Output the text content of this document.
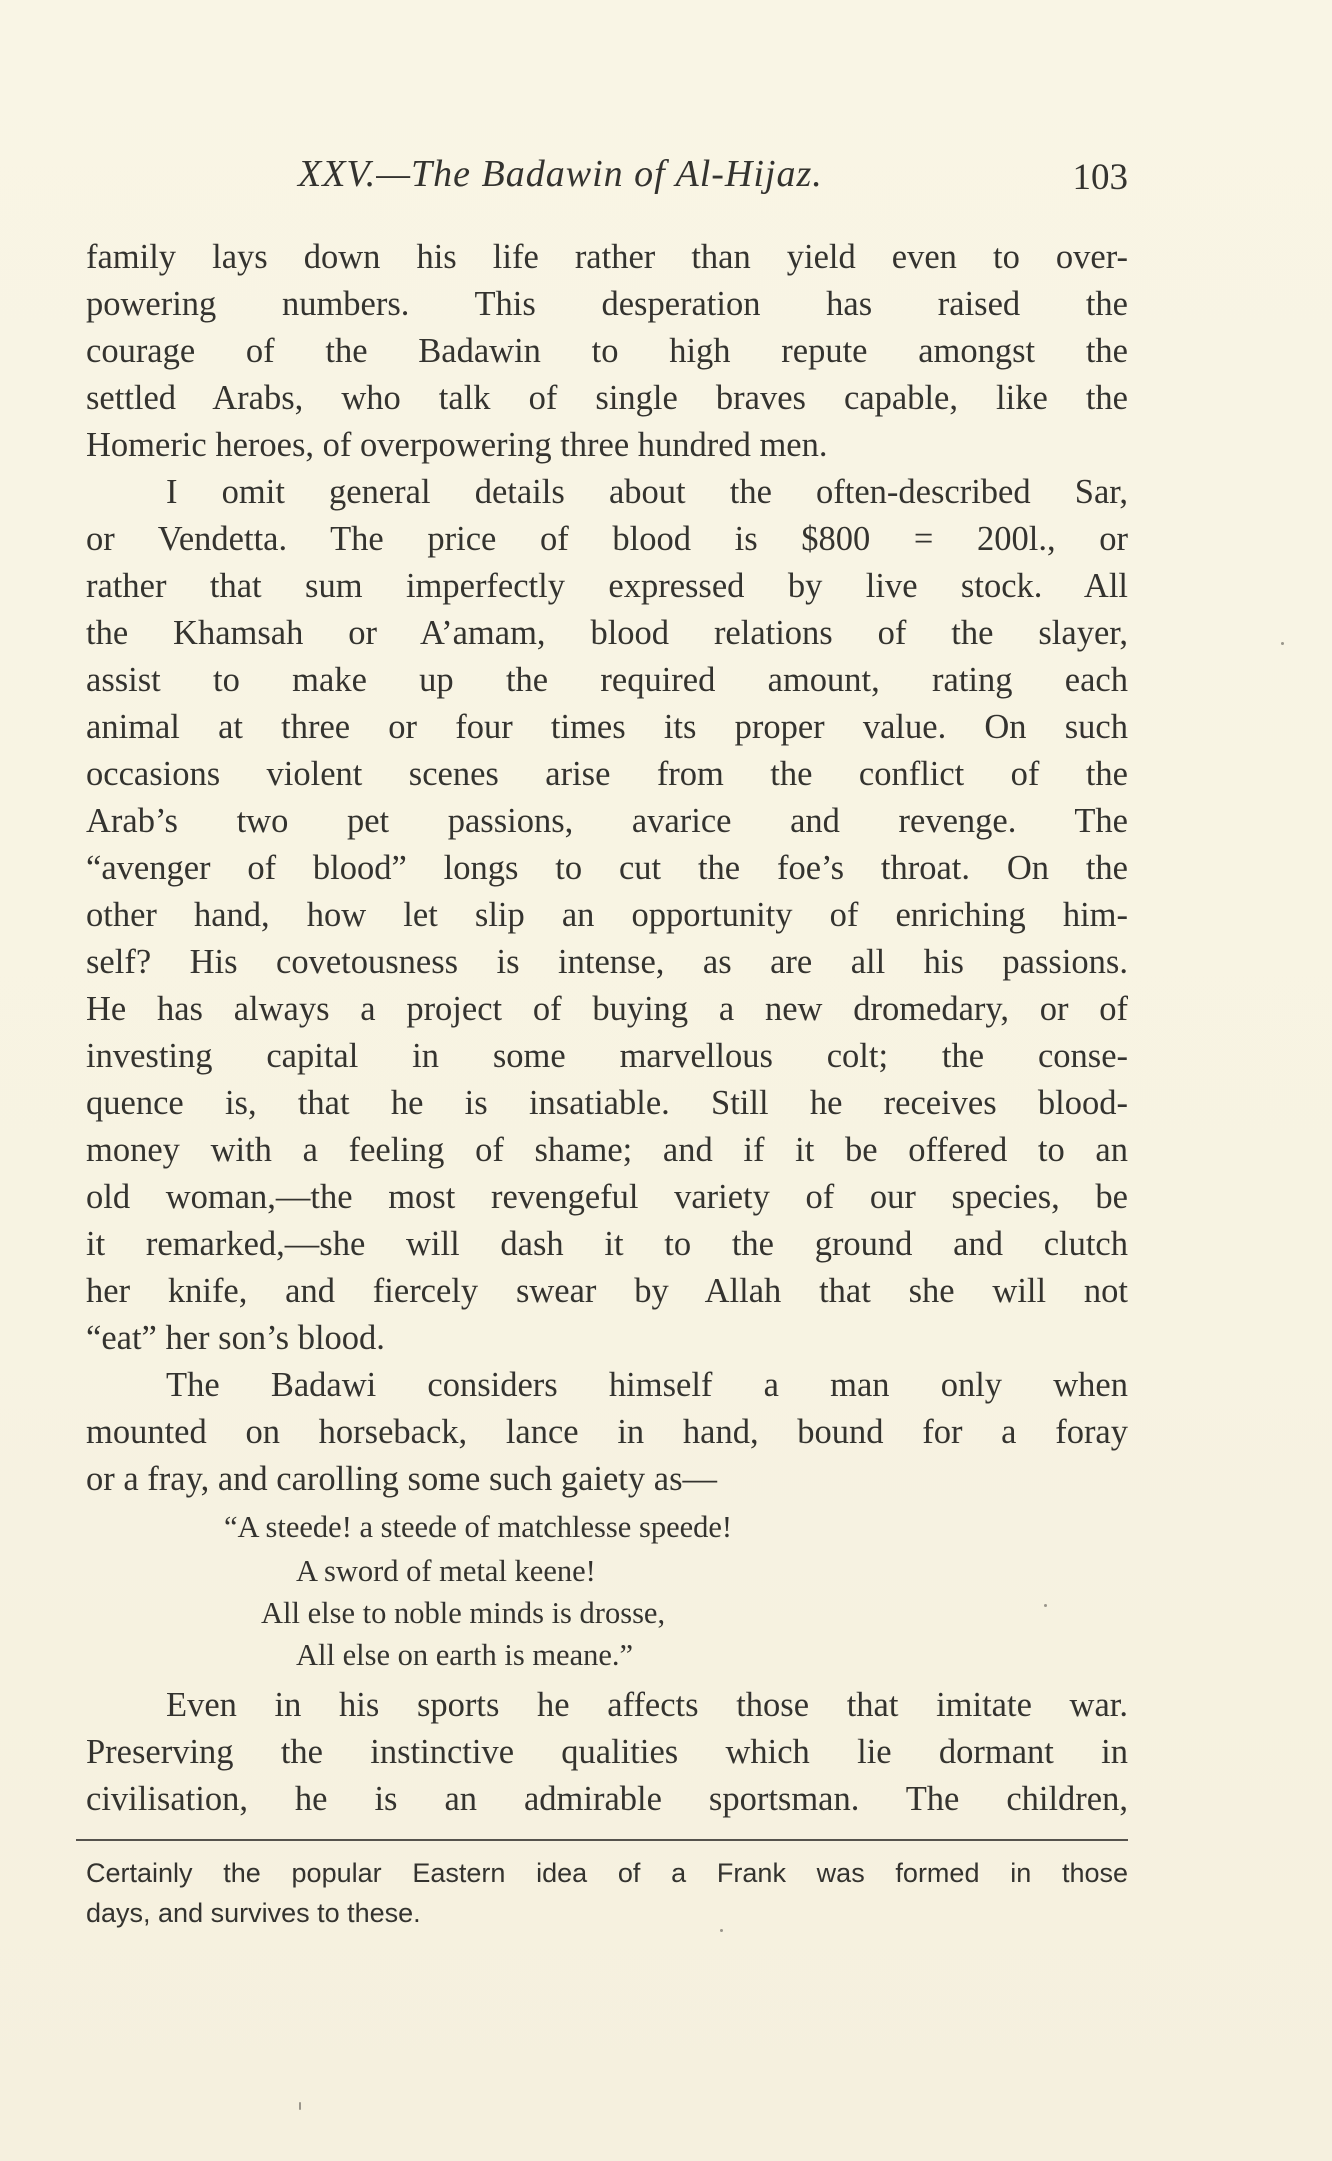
XXV.—The Badawin of Al-Hijaz.	103
family lays down his life rather than yield even to over-
powering numbers. This desperation has raised the
courage of the Badawin to high repute amongst the
settled Arabs, who talk of single braves capable, like the
Homeric heroes, of overpowering three hundred men.
I omit general details about the often-described Sar,
or Vendetta. The price of blood is $800 = 200l., or
rather that sum imperfectly expressed by live stock. All
the Khamsah or A’amam, blood relations of the slayer,
assist to make up the required amount, rating each
animal at three or four times its proper value. On such
occasions violent scenes arise from the conflict of the
Arab’s two pet passions, avarice and revenge. The
“avenger of blood” longs to cut the foe’s throat. On the
other hand, how let slip an opportunity of enriching him-
self? His covetousness is intense, as are all his passions.
He has always a project of buying a new dromedary, or of
investing capital in some marvellous colt; the conse-
quence is, that he is insatiable. Still he receives blood-
money with a feeling of shame; and if it be offered to an
old woman,—the most revengeful variety of our species, be
it remarked,—she will dash it to the ground and clutch
her knife, and fiercely swear by Allah that she will not
“eat” her son’s blood.
The Badawi considers himself a man only when
mounted on horseback, lance in hand, bound for a foray
or a fray, and carolling some such gaiety as—
“A steede! a steede of matchlesse speede!
A sword of metal keene!
All else to noble minds is drosse,
All else on earth is meane.”
Even in his sports he affects those that imitate war.
Preserving the instinctive qualities which lie dormant in
civilisation, he is an admirable sportsman. The children,
Certainly the popular Eastern idea of a Frank was formed in those
days, and survives to these.
